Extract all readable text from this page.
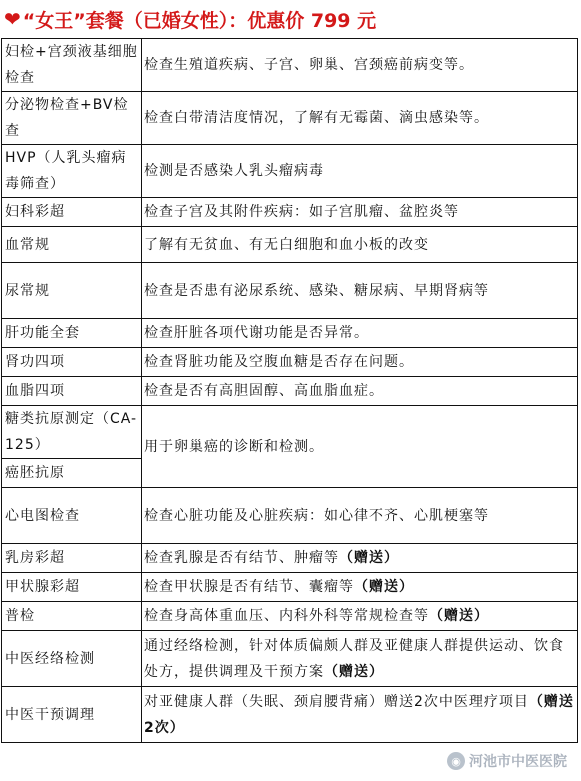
❤ “女王”套餐（已婚女性）：优惠价 799 元
妇检+宫颈液基细胞检查	检查生殖道疾病、子宫、卵巢、宫颈癌前病变等。
分泌物检查+BV检查	检查白带清洁度情况，了解有无霉菌、滴虫感染等。
HVP（人乳头瘤病毒筛查）	检测是否感染人乳头瘤病毒
妇科彩超	检查子宫及其附件疾病：如子宫肌瘤、盆腔炎等
血常规	了解有无贫血、有无白细胞和血小板的改变
尿常规	检查是否患有泌尿系统、感染、糖尿病、早期肾病等
肝功能全套	检查肝脏各项代谢功能是否异常。
肾功四项	检查肾脏功能及空腹血糖是否存在问题。
血脂四项	检查是否有高胆固醇、高血脂血症。
糖类抗原测定（CA-125）	用于卵巢癌的诊断和检测。
癌胚抗原	
心电图检查	检查心脏功能及心脏疾病：如心律不齐、心肌梗塞等
乳房彩超	检查乳腺是否有结节、肿瘤等（赠送）
甲状腺彩超	检查甲状腺是否有结节、囊瘤等（赠送）
普检	检查身高体重血压、内科外科等常规检查等（赠送）
中医经络检测	通过经络检测，针对体质偏颇人群及亚健康人群提供运动、饮食处方，提供调理及干预方案（赠送）
中医干预调理	对亚健康人群（失眠、颈肩腰背痛）赠送2次中医理疗项目（赠送2次）
◉ 河池市中医医院
